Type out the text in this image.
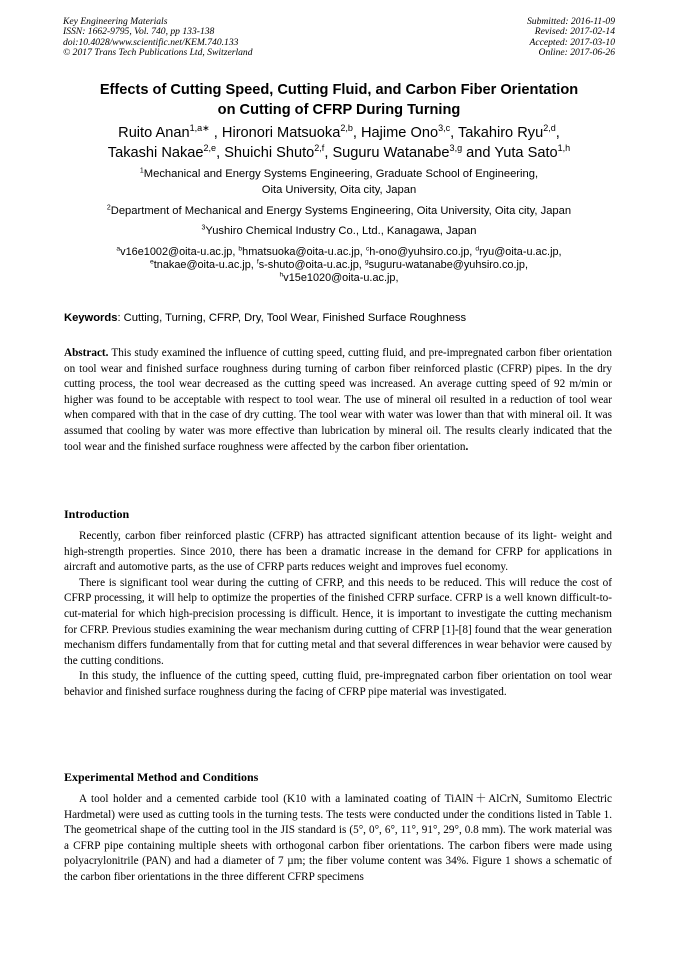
Key Engineering Materials
ISSN: 1662-9795, Vol. 740, pp 133-138
doi:10.4028/www.scientific.net/KEM.740.133
© 2017 Trans Tech Publications Ltd, Switzerland
Submitted: 2016-11-09
Revised: 2017-02-14
Accepted: 2017-03-10
Online: 2017-06-26
Effects of Cutting Speed, Cutting Fluid, and Carbon Fiber Orientation
on Cutting of CFRP During Turning
Ruito Anan$^{1,a∗}$ , Hironori Matsuoka$^{2,b}$, Hajime Ono$^{3,c}$, Takahiro Ryu$^{2,d}$,
Takashi Nakae$^{2,e}$, Shuichi Shuto$^{2,f}$, Suguru Watanabe$^{3,g}$ and Yuta Sato$^{1,h}$
$^1$Mechanical and Energy Systems Engineering, Graduate School of Engineering,
Oita University, Oita city, Japan
$^2$Department of Mechanical and Energy Systems Engineering, Oita University, Oita city, Japan
$^3$Yushiro Chemical Industry Co., Ltd., Kanagawa, Japan
$^a$v16e1002@oita-u.ac.jp, $^b$hmatsuoka@oita-u.ac.jp, $^c$h-ono@yuhsiro.co.jp, $^d$ryu@oita-u.ac.jp,
$^e$tnakae@oita-u.ac.jp, $^f$s-shuto@oita-u.ac.jp, $^g$suguru-watanabe@yuhsiro.co.jp,
$^h$v15e1020@oita-u.ac.jp,
Keywords: Cutting, Turning, CFRP, Dry, Tool Wear, Finished Surface Roughness

Abstract. This study examined the influence of cutting speed, cutting fluid, and pre-impregnated carbon fiber orientation on tool wear and finished surface roughness during turning of carbon fiber reinforced plastic (CFRP) pipes. In the dry cutting process, the tool wear decreased as the cutting speed was increased. An average cutting speed of 92 m/min or higher was found to be acceptable with respect to tool wear. The use of mineral oil resulted in a reduction of tool wear when compared with that in the case of dry cutting. The tool wear with water was lower than that with mineral oil. It was assumed that cooling by water was more effective than lubrication by mineral oil. The results clearly indicated that the tool wear and the finished surface roughness were affected by the carbon fiber orientation.

Introduction

Recently, carbon fiber reinforced plastic (CFRP) has attracted significant attention because of its light- weight and high-strength properties. Since 2010, there has been a dramatic increase in the demand for CFRP for applications in aircraft and automotive parts, as the use of CFRP parts reduces weight and improves fuel economy.

There is significant tool wear during the cutting of CFRP, and this needs to be reduced. This will reduce the cost of CFRP processing, it will help to optimize the properties of the finished CFRP surface. CFRP is a well known difficult-to-cut-material for which high-precision processing is difficult. Hence, it is important to investigate the cutting mechanism for CFRP. Previous studies examining the wear mechanism during cutting of CFRP [1]-[8] found that the wear generation mechanism differs fundamentally from that for cutting metal and that several differences in wear behavior were caused by the cutting conditions.

In this study, the influence of the cutting speed, cutting fluid, pre-impregnated carbon fiber orientation on tool wear behavior and finished surface roughness during the facing of CFRP pipe material was investigated.

Experimental Method and Conditions

A tool holder and a cemented carbide tool (K10 with a laminated coating of TiAlN＋AlCrN, Sumitomo Electric Hardmetal) were used as cutting tools in the turning tests. The tests were conducted under the conditions listed in Table 1. The geometrical shape of the cutting tool in the JIS standard is (5°, 0°, 6°, 11°, 91°, 29°, 0.8 mm). The work material was a CFRP pipe containing multiple sheets with orthogonal carbon fiber orientations. The carbon fibers were made using polyacrylonitrile (PAN) and had a diameter of 7 µm; the fiber volume content was 34%. Figure 1 shows a schematic of the carbon fiber orientations in the three different CFRP specimens
